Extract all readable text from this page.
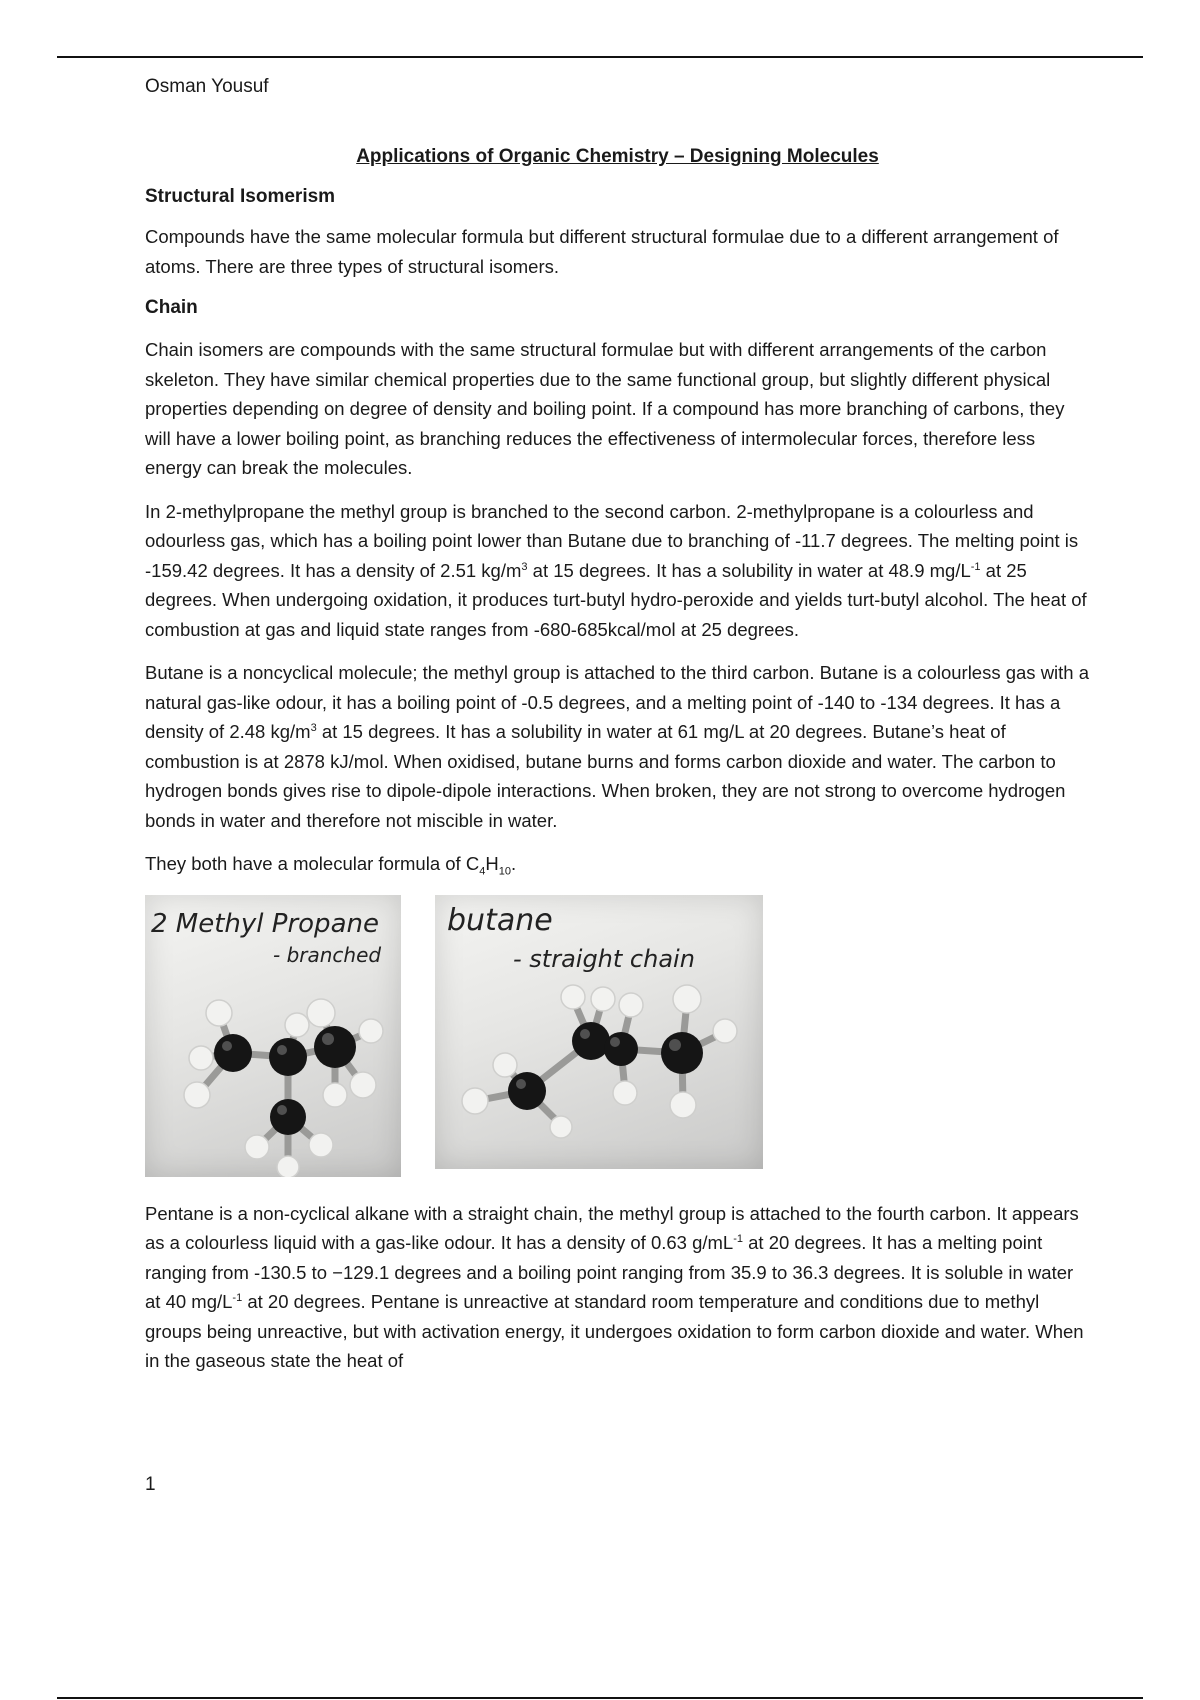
Osman Yousuf
Applications of Organic Chemistry – Designing Molecules
Structural Isomerism

Compounds have the same molecular formula but different structural formulae due to a different arrangement of atoms. There are three types of structural isomers.

Chain

Chain isomers are compounds with the same structural formulae but with different arrangements of the carbon skeleton. They have similar chemical properties due to the same functional group, but slightly different physical properties depending on degree of density and boiling point. If a compound has more branching of carbons, they will have a lower boiling point, as branching reduces the effectiveness of intermolecular forces, therefore less energy can break the molecules.

In 2-methylpropane the methyl group is branched to the second carbon. 2-methylpropane is a colourless and odourless gas, which has a boiling point lower than Butane due to branching of -11.7 degrees. The melting point is -159.42 degrees. It has a density of 2.51 $kg/m^3$ at 15 degrees. It has a solubility in water at 48.9 $mg/L^{-1}$ at 25 degrees. When undergoing oxidation, it produces turt-butyl hydro-peroxide and yields turt-butyl alcohol. The heat of combustion at gas and liquid state ranges from -680-685kcal/mol at 25 degrees.

Butane is a noncyclical molecule; the methyl group is attached to the third carbon. Butane is a colourless gas with a natural gas-like odour, it has a boiling point of -0.5 degrees, and a melting point of -140 to -134 degrees. It has a density of 2.48 $kg/m^3$ at 15 degrees. It has a solubility in water at 61 mg/L at 20 degrees. Butane’s heat of combustion is at 2878 kJ/mol. When oxidised, butane burns and forms carbon dioxide and water. The carbon to hydrogen bonds gives rise to dipole-dipole interactions. When broken, they are not strong to overcome hydrogen bonds in water and therefore not miscible in water.

They both have a molecular formula of $C_4H_{10}$.

2 Methyl Propane
- branched
butane
- straight chain

Pentane is a non-cyclical alkane with a straight chain, the methyl group is attached to the fourth carbon. It appears as a colourless liquid with a gas-like odour. It has a density of 0.63 $g/mL^{-1}$ at 20 degrees. It has a melting point ranging from -130.5 to −129.1 degrees and a boiling point ranging from 35.9 to 36.3 degrees. It is soluble in water at 40 $mg/L^{-1}$ at 20 degrees. Pentane is unreactive at standard room temperature and conditions due to methyl groups being unreactive, but with activation energy, it undergoes oxidation to form carbon dioxide and water. When in the gaseous state the heat of

1
